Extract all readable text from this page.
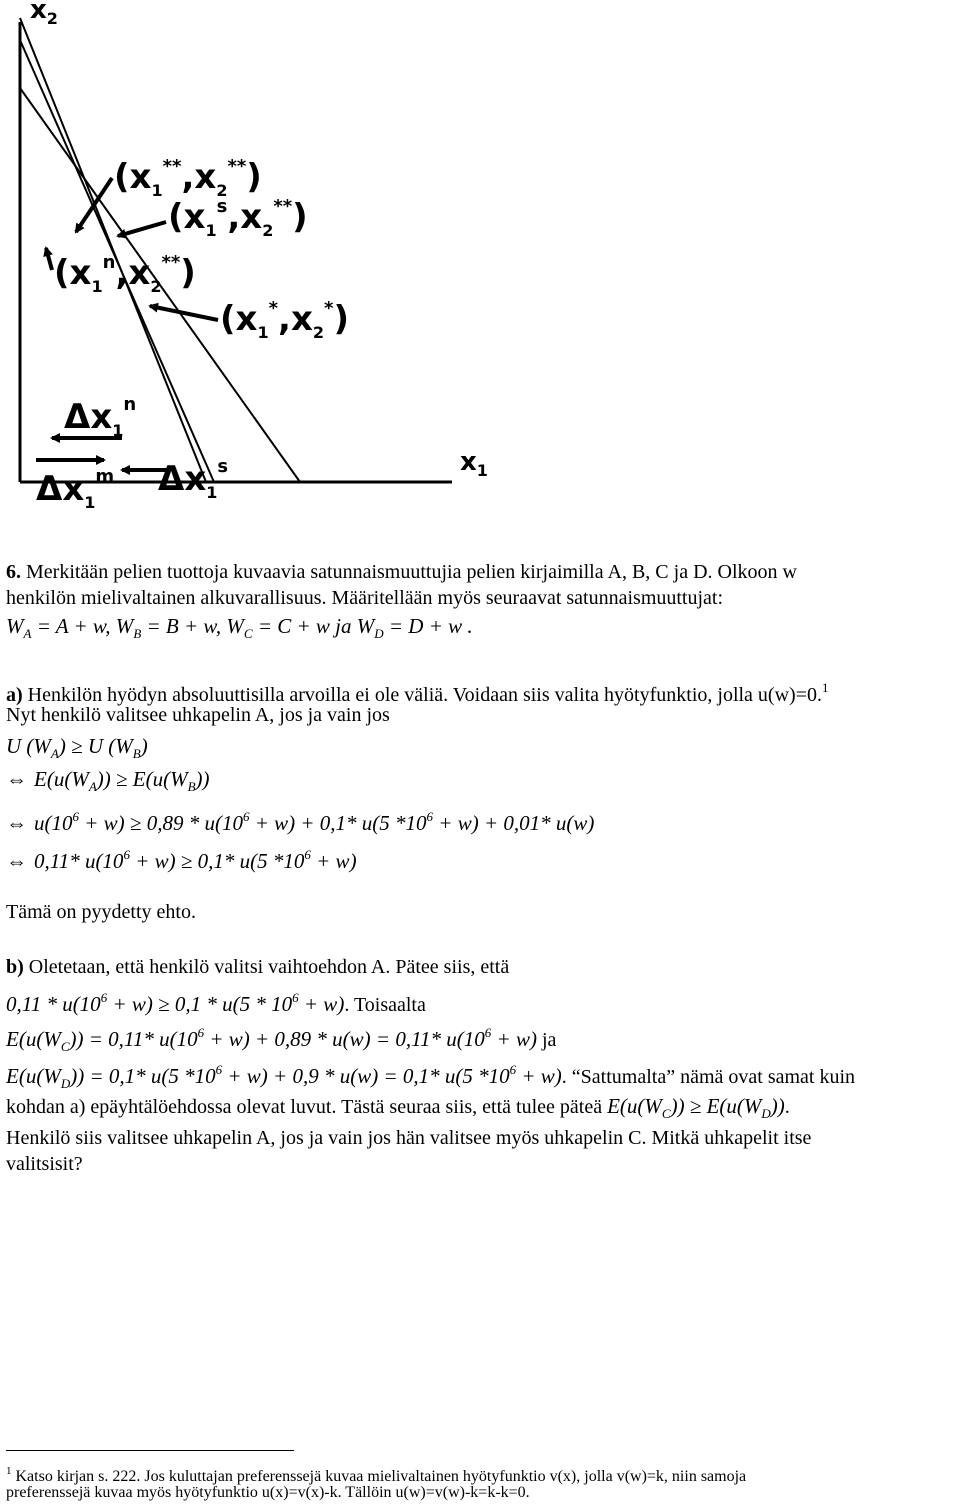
$x_2$
$x_1$
$(x_1^{**},x_2^{**})$
$(x_1^s,x_2^{**})$
$(x_1^n,x_2^{**})$
$(x_1^*,x_2^*)$
$\Delta x_1^n$
$\Delta x_1^m$ $\Delta x_1^s$
6. Merkitään pelien tuottoja kuvaavia satunnaismuuttujia pelien kirjaimilla A, B, C ja D. Olkoon w
henkilön mielivaltainen alkuvarallisuus. Määritellään myös seuraavat satunnaismuuttujat:
$W_A = A + w$, $W_B = B + w$, $W_C = C + w$ ja $W_D = D + w$ .
a) Henkilön hyödyn absoluuttisilla arvoilla ei ole väliä. Voidaan siis valita hyötyfunktio, jolla u(w)=0.$^1$
Nyt henkilö valitsee uhkapelin A, jos ja vain jos
U $(W_A) \ge U$ $(W_B)$
⇔ $E(u(W_A)) \ge E(u(W_B))$
⇔ $u(10^6 + w) \ge 0,89 * u(10^6 + w) + 0,1*$ u(5 $*10^6 + w) + 0,01*$ u(w)
⇔ 0,11* $u(10^6 + w) \ge 0,1*$ u(5 $*10^6 + w$)
Tämä on pyydetty ehto.
b) Oletetaan, että henkilö valitsi vaihtoehdon A. Pätee siis, että
$0,11 * u(10^6 + w) \ge 0,1 * u(5 * 10^6 + w)$. Toisaalta
$E(u(W_C)) = 0,11*$ $u(10^6 + w) + 0,89 * u(w) = 0,11*$ $u(10^6 + w)$ ja
$E(u(W_D)) = 0,1*$ u(5 $*10^6 + w) + 0,9 * u(w) = 0,1*$ u(5 $*10^6 + w$). “Sattumalta” nämä ovat samat kuin
kohdan a) epäyhtälöehdossa olevat luvut. Tästä seuraa siis, että tulee päteä $E(u(W_C)) \ge E(u(W_D))$.
Henkilö siis valitsee uhkapelin A, jos ja vain jos hän valitsee myös uhkapelin C. Mitkä uhkapelit itse
valitsisit?
$^1$ Katso kirjan s. 222. Jos kuluttajan preferenssejä kuvaa mielivaltainen hyötyfunktio v(x), jolla v(w)=k, niin samoja
preferenssejä kuvaa myös hyötyfunktio u(x)=v(x)-k. Tällöin u(w)=v(w)-k=k-k=0.
